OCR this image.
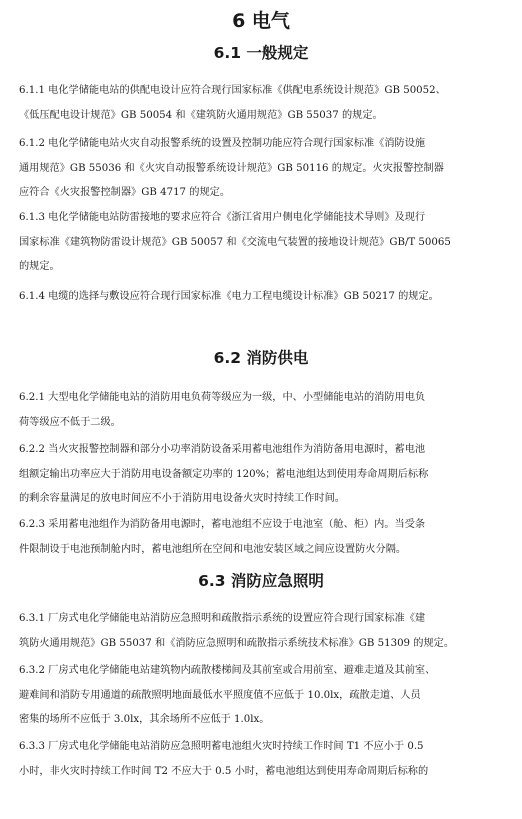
6 电气
6.1 一般规定
6.1.1 电化学储能电站的供配电设计应符合现行国家标准《供配电系统设计规范》GB 50052、
《低压配电设计规范》GB 50054 和《建筑防火通用规范》GB 55037 的规定。
6.1.2 电化学储能电站火灾自动报警系统的设置及控制功能应符合现行国家标准《消防设施
通用规范》GB 55036 和《火灾自动报警系统设计规范》GB 50116 的规定。火灾报警控制器
应符合《火灾报警控制器》GB 4717 的规定。
6.1.3 电化学储能电站防雷接地的要求应符合《浙江省用户侧电化学储能技术导则》及现行
国家标准《建筑物防雷设计规范》GB 50057 和《交流电气装置的接地设计规范》GB/T 50065
的规定。
6.1.4 电缆的选择与敷设应符合现行国家标准《电力工程电缆设计标准》GB 50217 的规定。
6.2 消防供电
6.2.1 大型电化学储能电站的消防用电负荷等级应为一级，中、小型储能电站的消防用电负
荷等级应不低于二级。
6.2.2 当火灾报警控制器和部分小功率消防设备采用蓄电池组作为消防备用电源时，蓄电池
组额定输出功率应大于消防用电设备额定功率的 120%；蓄电池组达到使用寿命周期后标称
的剩余容量满足的放电时间应不小于消防用电设备火灾时持续工作时间。
6.2.3 采用蓄电池组作为消防备用电源时，蓄电池组不应设于电池室（舱、柜）内。当受条
件限制设于电池预制舱内时，蓄电池组所在空间和电池安装区域之间应设置防火分隔。
6.3 消防应急照明
6.3.1 厂房式电化学储能电站消防应急照明和疏散指示系统的设置应符合现行国家标准《建
筑防火通用规范》GB 55037 和《消防应急照明和疏散指示系统技术标准》GB 51309 的规定。
6.3.2 厂房式电化学储能电站建筑物内疏散楼梯间及其前室或合用前室、避难走道及其前室、
避难间和消防专用通道的疏散照明地面最低水平照度值不应低于 10.0lx，疏散走道、人员
密集的场所不应低于 3.0lx，其余场所不应低于 1.0lx。
6.3.3 厂房式电化学储能电站消防应急照明蓄电池组火灾时持续工作时间 T1 不应小于 0.5
小时，非火灾时持续工作时间 T2 不应大于 0.5 小时，蓄电池组达到使用寿命周期后标称的
